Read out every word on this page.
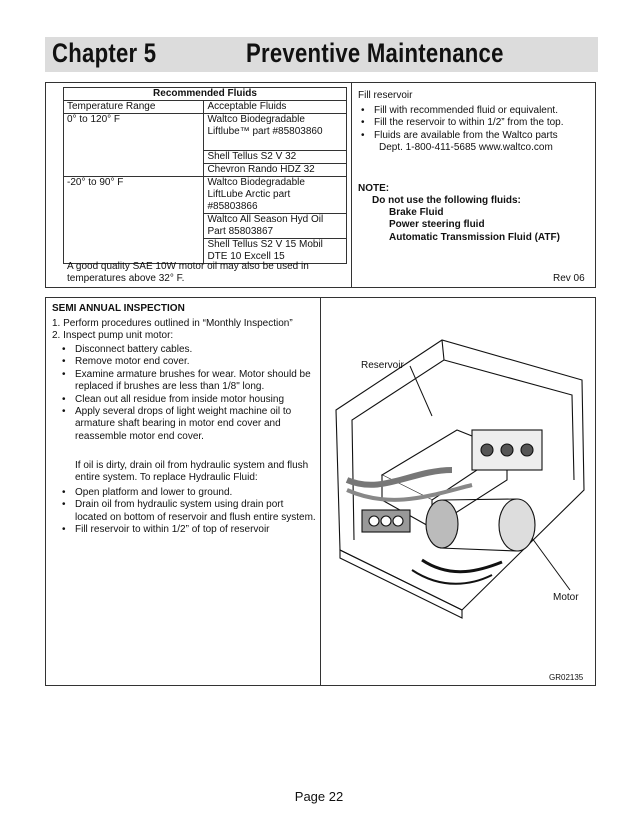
Chapter 5	Preventive Maintenance
Recommended Fluids	
Temperature Range	Acceptable Fluids
0° to 120° F	Waltco Biodegradable Liftlube™ part #85803860
	Shell Tellus S2 V 32
	Chevron Rando HDZ 32
-20° to 90° F	Waltco Biodegradable LiftLube Arctic part #85803866
	Waltco All Season Hyd Oil Part 85803867
	Shell Tellus S2 V 15 Mobil DTE 10 Excell 15
A good quality SAE 10W motor oil may also be used in temperatures above 32° F.
Fill reservoir
• Fill with recommended fluid or equivalent.
• Fill the reservoir to within 1/2” from the top.
• Fluids are available from the Waltco parts
Dept. 1-800-411-5685 www.waltco.com
NOTE:
Do not use the following fluids:
Brake Fluid
Power steering fluid
Automatic Transmission Fluid (ATF)
Rev 06
SEMI ANNUAL INSPECTION
1. Perform procedures outlined in “Monthly Inspection”
2. Inspect pump unit motor:
• Disconnect battery cables.
• Remove motor end cover.
• Examine armature brushes for wear. Motor should be replaced if brushes are less than 1/8" long.
• Clean out all residue from inside motor housing
• Apply several drops of light weight machine oil to armature shaft bearing in motor end cover and reassemble motor end cover.
If oil is dirty, drain oil from hydraulic system and flush entire system. To replace Hydraulic Fluid:
• Open platform and lower to ground.
• Drain oil from hydraulic system using drain port located on bottom of reservoir and flush entire system.
• Fill reservoir to within 1/2” of top of reservoir
Reservoir
Motor
GR02135
Page 22
